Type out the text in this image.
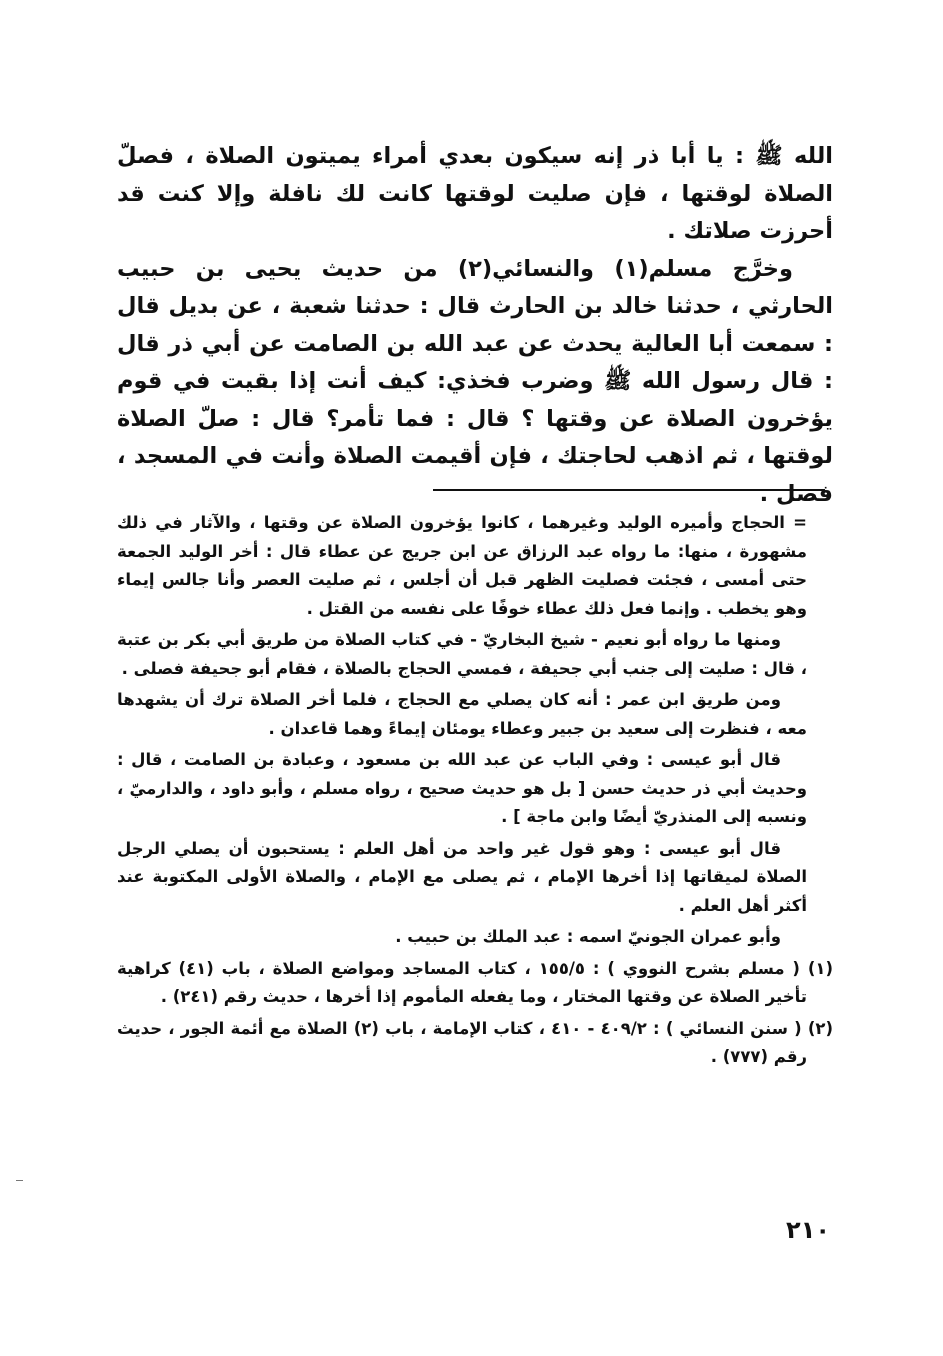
الله ﷺ : يا أبا ذر إنه سيكون بعدي أمراء يميتون الصلاة ، فصلّ الصلاة لوقتها ، فإن صليت لوقتها كانت لك نافلة وإلا كنت قد أحرزت صلاتك .

وخرَّج مسلم(١) والنسائي(٢) من حديث يحيى بن حبيب الحارثي ، حدثنا خالد بن الحارث قال : حدثنا شعبة ، عن بديل قال : سمعت أبا العالية يحدث عن عبد الله بن الصامت عن أبي ذر قال : قال رسول الله ﷺ وضرب فخذي: كيف أنت إذا بقيت في قوم يؤخرون الصلاة عن وقتها ؟ قال : فما تأمر؟ قال : صلّ الصلاة لوقتها ، ثم اذهب لحاجتك ، فإن أقيمت الصلاة وأنت في المسجد ، فصل .

= الحجاج وأميره الوليد وغيرهما ، كانوا يؤخرون الصلاة عن وقتها ، والآثار في ذلك مشهورة ، منها: ما رواه عبد الرزاق عن ابن جريج عن عطاء قال : أخر الوليد الجمعة حتى أمسى ، فجئت فصليت الظهر قبل أن أجلس ، ثم صليت العصر وأنا جالس إيماء وهو يخطب . وإنما فعل ذلك عطاء خوفًا على نفسه من القتل .

ومنها ما رواه أبو نعيم - شيخ البخاريّ - في كتاب الصلاة من طريق أبي بكر بن عتبة ، قال : صليت إلى جنب أبي جحيفة ، فمسي الحجاج بالصلاة ، فقام أبو جحيفة فصلى .

ومن طريق ابن عمر : أنه كان يصلي مع الحجاج ، فلما أخر الصلاة ترك أن يشهدها معه ، فنظرت إلى سعيد بن جبير وعطاء يومئان إيماءً وهما قاعدان .

قال أبو عيسى : وفي الباب عن عبد الله بن مسعود ، وعبادة بن الصامت ، قال : وحديث أبي ذر حديث حسن [ بل هو حديث صحيح ، رواه مسلم ، وأبو داود ، والدارميّ ، ونسبه إلى المنذريّ أيضًا وابن ماجة ] .

قال أبو عيسى : وهو قول غير واحد من أهل العلم : يستحبون أن يصلي الرجل الصلاة لميقاتها إذا أخرها الإمام ، ثم يصلى مع الإمام ، والصلاة الأولى المكتوبة عند أكثر أهل العلم .

وأبو عمران الجونيّ اسمه : عبد الملك بن حبيب .

(١) ( مسلم بشرح النووي ) : ١٥٥/٥ ، كتاب المساجد ومواضع الصلاة ، باب (٤١) كراهية تأخير الصلاة عن وقتها المختار ، وما يفعله المأموم إذا أخرها ، حديث رقم (٢٤١) .

(٢) ( سنن النسائي ) : ٤٠٩/٢ - ٤١٠ ، كتاب الإمامة ، باب (٢) الصلاة مع أئمة الجور ، حديث رقم (٧٧٧) .

٢١٠
